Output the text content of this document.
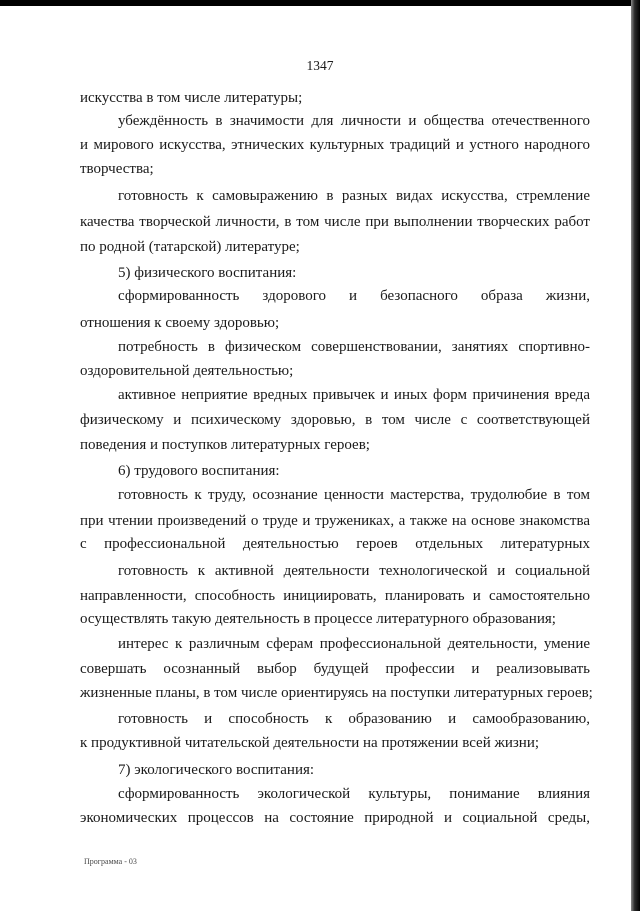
1347
искусства в том числе литературы;
убеждённость в значимости для личности и общества отечественного
и мирового искусства, этнических культурных традиций и устного народного
творчества;
готовность к самовыражению в разных видах искусства, стремление
качества творческой личности, в том числе при выполнении творческих работ
по родной (татарской) литературе;
5) физического воспитания:
сформированность здорового и безопасного образа жизни,
отношения к своему здоровью;
потребность в физическом совершенствовании, занятиях спортивно-
оздоровительной деятельностью;
активное неприятие вредных привычек и иных форм причинения вреда
физическому и психическому здоровью, в том числе с соответствующей
поведения и поступков литературных героев;
6) трудового воспитания:
готовность к труду, осознание ценности мастерства, трудолюбие в том
при чтении произведений о труде и тружениках, а также на основе знакомства
с профессиональной деятельностью героев отдельных литературных
готовность к активной деятельности технологической и социальной
направленности, способность инициировать, планировать и самостоятельно
осуществлять такую деятельность в процессе литературного образования;
интерес к различным сферам профессиональной деятельности, умение
совершать осознанный выбор будущей профессии и реализовывать
жизненные планы, в том числе ориентируясь на поступки литературных героев;
готовность и способность к образованию и самообразованию,
к продуктивной читательской деятельности на протяжении всей жизни;
7) экологического воспитания:
сформированность экологической культуры, понимание влияния
экономических процессов на состояние природной и социальной среды,
Программа - 03
